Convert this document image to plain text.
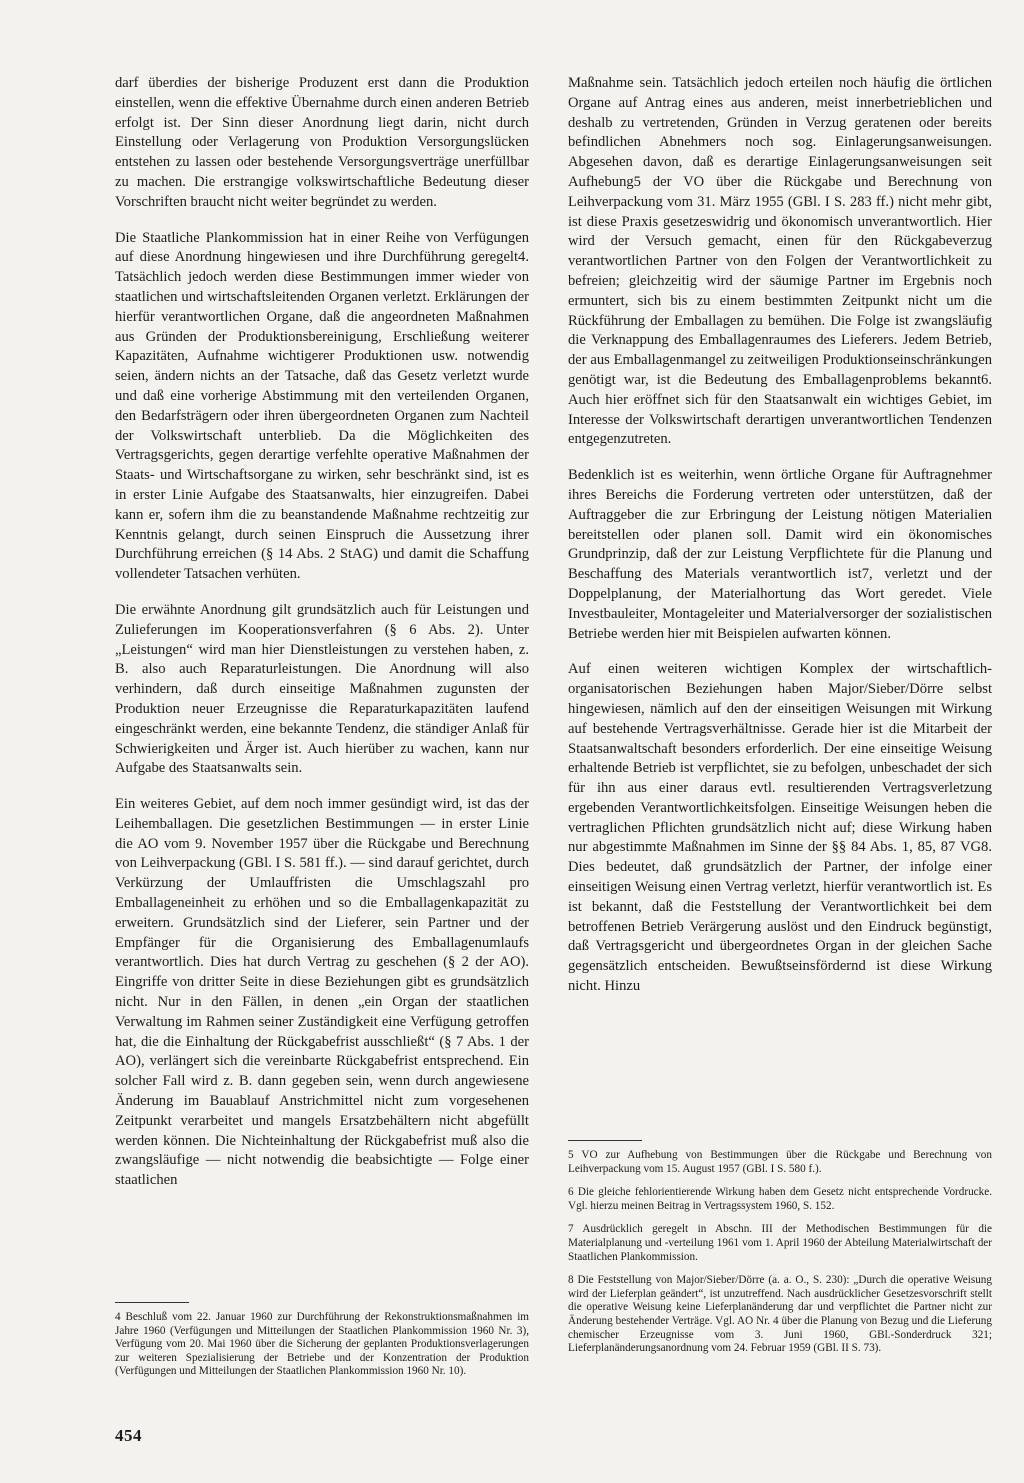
darf überdies der bisherige Produzent erst dann die Produktion einstellen, wenn die effektive Übernahme durch einen anderen Betrieb erfolgt ist. Der Sinn dieser Anordnung liegt darin, nicht durch Einstellung oder Verlagerung von Produktion Versorgungslücken entstehen zu lassen oder bestehende Versorgungsverträge unerfüllbar zu machen. Die erstrangige volkswirtschaftliche Bedeutung dieser Vorschriften braucht nicht weiter begründet zu werden.

Die Staatliche Plankommission hat in einer Reihe von Verfügungen auf diese Anordnung hingewiesen und ihre Durchführung geregelt4. Tatsächlich jedoch werden diese Bestimmungen immer wieder von staatlichen und wirtschaftsleitenden Organen verletzt. Erklärungen der hierfür verantwortlichen Organe, daß die angeordneten Maßnahmen aus Gründen der Produktionsbereinigung, Erschließung weiterer Kapazitäten, Aufnahme wichtigerer Produktionen usw. notwendig seien, ändern nichts an der Tatsache, daß das Gesetz verletzt wurde und daß eine vorherige Abstimmung mit den verteilenden Organen, den Bedarfsträgern oder ihren übergeordneten Organen zum Nachteil der Volkswirtschaft unterblieb. Da die Möglichkeiten des Vertragsgerichts, gegen derartige verfehlte operative Maßnahmen der Staats- und Wirtschaftsorgane zu wirken, sehr beschränkt sind, ist es in erster Linie Aufgabe des Staatsanwalts, hier einzugreifen. Dabei kann er, sofern ihm die zu beanstandende Maßnahme rechtzeitig zur Kenntnis gelangt, durch seinen Einspruch die Aussetzung ihrer Durchführung erreichen (§ 14 Abs. 2 StAG) und damit die Schaffung vollendeter Tatsachen verhüten.

Die erwähnte Anordnung gilt grundsätzlich auch für Leistungen und Zulieferungen im Kooperationsverfahren (§ 6 Abs. 2). Unter „Leistungen“ wird man hier Dienstleistungen zu verstehen haben, z. B. also auch Reparaturleistungen. Die Anordnung will also verhindern, daß durch einseitige Maßnahmen zugunsten der Produktion neuer Erzeugnisse die Reparaturkapazitäten laufend eingeschränkt werden, eine bekannte Tendenz, die ständiger Anlaß für Schwierigkeiten und Ärger ist. Auch hierüber zu wachen, kann nur Aufgabe des Staatsanwalts sein.

Ein weiteres Gebiet, auf dem noch immer gesündigt wird, ist das der Leihemballagen. Die gesetzlichen Bestimmungen — in erster Linie die AO vom 9. November 1957 über die Rückgabe und Berechnung von Leihverpackung (GBl. I S. 581 ff.). — sind darauf gerichtet, durch Verkürzung der Umlauffristen die Umschlagszahl pro Emballageneinheit zu erhöhen und so die Emballagenkapazität zu erweitern. Grundsätzlich sind der Lieferer, sein Partner und der Empfänger für die Organisierung des Emballagenumlaufs verantwortlich. Dies hat durch Vertrag zu geschehen (§ 2 der AO). Eingriffe von dritter Seite in diese Beziehungen gibt es grundsätzlich nicht. Nur in den Fällen, in denen „ein Organ der staatlichen Verwaltung im Rahmen seiner Zuständigkeit eine Verfügung getroffen hat, die die Einhaltung der Rückgabefrist ausschließt“ (§ 7 Abs. 1 der AO), verlängert sich die vereinbarte Rückgabefrist entsprechend. Ein solcher Fall wird z. B. dann gegeben sein, wenn durch angewiesene Änderung im Bauablauf Anstrichmittel nicht zum vorgesehenen Zeitpunkt verarbeitet und mangels Ersatzbehältern nicht abgefüllt werden können. Die Nichteinhaltung der Rückgabefrist muß also die zwangsläufige — nicht notwendig die beabsichtigte — Folge einer staatlichen

Maßnahme sein. Tatsächlich jedoch erteilen noch häufig die örtlichen Organe auf Antrag eines aus anderen, meist innerbetrieblichen und deshalb zu vertretenden, Gründen in Verzug geratenen oder bereits befindlichen Abnehmers noch sog. Einlagerungsanweisungen. Abgesehen davon, daß es derartige Einlagerungsanweisungen seit Aufhebung5 der VO über die Rückgabe und Berechnung von Leihverpackung vom 31. März 1955 (GBl. I S. 283 ff.) nicht mehr gibt, ist diese Praxis gesetzeswidrig und ökonomisch unverantwortlich. Hier wird der Versuch gemacht, einen für den Rückgabeverzug verantwortlichen Partner von den Folgen der Verantwortlichkeit zu befreien; gleichzeitig wird der säumige Partner im Ergebnis noch ermuntert, sich bis zu einem bestimmten Zeitpunkt nicht um die Rückführung der Emballagen zu bemühen. Die Folge ist zwangsläufig die Verknappung des Emballagenraumes des Lieferers. Jedem Betrieb, der aus Emballagenmangel zu zeitweiligen Produktionseinschränkungen genötigt war, ist die Bedeutung des Emballagenproblems bekannt6. Auch hier eröffnet sich für den Staatsanwalt ein wichtiges Gebiet, im Interesse der Volkswirtschaft derartigen unverantwortlichen Tendenzen entgegenzutreten.

Bedenklich ist es weiterhin, wenn örtliche Organe für Auftragnehmer ihres Bereichs die Forderung vertreten oder unterstützen, daß der Auftraggeber die zur Erbringung der Leistung nötigen Materialien bereitstellen oder planen soll. Damit wird ein ökonomisches Grundprinzip, daß der zur Leistung Verpflichtete für die Planung und Beschaffung des Materials verantwortlich ist7, verletzt und der Doppelplanung, der Materialhortung das Wort geredet. Viele Investbauleiter, Montageleiter und Materialversorger der sozialistischen Betriebe werden hier mit Beispielen aufwarten können.

Auf einen weiteren wichtigen Komplex der wirtschaftlich-organisatorischen Beziehungen haben Major/Sieber/Dörre selbst hingewiesen, nämlich auf den der einseitigen Weisungen mit Wirkung auf bestehende Vertragsverhältnisse. Gerade hier ist die Mitarbeit der Staatsanwaltschaft besonders erforderlich. Der eine einseitige Weisung erhaltende Betrieb ist verpflichtet, sie zu befolgen, unbeschadet der sich für ihn aus einer daraus evtl. resultierenden Vertragsverletzung ergebenden Verantwortlichkeitsfolgen. Einseitige Weisungen heben die vertraglichen Pflichten grundsätzlich nicht auf; diese Wirkung haben nur abgestimmte Maßnahmen im Sinne der §§ 84 Abs. 1, 85, 87 VG8. Dies bedeutet, daß grundsätzlich der Partner, der infolge einer einseitigen Weisung einen Vertrag verletzt, hierfür verantwortlich ist. Es ist bekannt, daß die Feststellung der Verantwortlichkeit bei dem betroffenen Betrieb Verärgerung auslöst und den Eindruck begünstigt, daß Vertragsgericht und übergeordnetes Organ in der gleichen Sache gegensätzlich entscheiden. Bewußtseinsfördernd ist diese Wirkung nicht. Hinzu

4 Beschluß vom 22. Januar 1960 zur Durchführung der Rekonstruktionsmaßnahmen im Jahre 1960 (Verfügungen und Mitteilungen der Staatlichen Plankommission 1960 Nr. 3), Verfügung vom 20. Mai 1960 über die Sicherung der geplanten Produktionsverlagerungen zur weiteren Spezialisierung der Betriebe und der Konzentration der Produktion (Verfügungen und Mitteilungen der Staatlichen Plankommission 1960 Nr. 10).

5 VO zur Aufhebung von Bestimmungen über die Rückgabe und Berechnung von Leihverpackung vom 15. August 1957 (GBl. I S. 580 f.).

6 Die gleiche fehlorientierende Wirkung haben dem Gesetz nicht entsprechende Vordrucke. Vgl. hierzu meinen Beitrag in Vertragssystem 1960, S. 152.

7 Ausdrücklich geregelt in Abschn. III der Methodischen Bestimmungen für die Materialplanung und -verteilung 1961 vom 1. April 1960 der Abteilung Materialwirtschaft der Staatlichen Plankommission.

8 Die Feststellung von Major/Sieber/Dörre (a. a. O., S. 230): „Durch die operative Weisung wird der Lieferplan geändert“, ist unzutreffend. Nach ausdrücklicher Gesetzesvorschrift stellt die operative Weisung keine Lieferplanänderung dar und verpflichtet die Partner nicht zur Änderung bestehender Verträge. Vgl. AO Nr. 4 über die Planung von Bezug und die Lieferung chemischer Erzeugnisse vom 3. Juni 1960, GBl.-Sonderdruck 321; Lieferplanänderungsanordnung vom 24. Februar 1959 (GBl. II S. 73).

454
